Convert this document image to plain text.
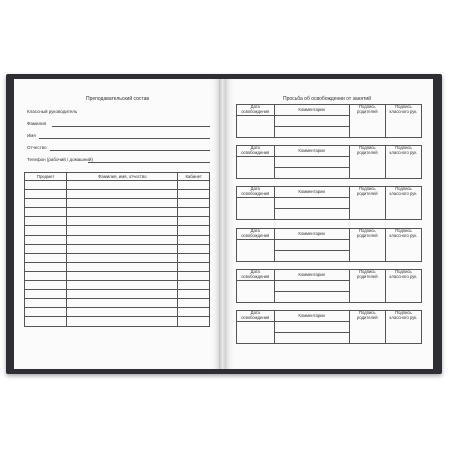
Преподавательский состав
Классный руководитель
Фамилия
Имя
Отчество
Телефон (рабочий / домашний)
Предмет	Фамилия, имя, отчество	Кабинет

Просьба об освобождении от занятий
Дата освобождения	Комментарии	Подпись родителей	Подпись классного рук.

Дата освобождения	Комментарии	Подпись родителей	Подпись классного рук.

Дата освобождения	Комментарии	Подпись родителей	Подпись классного рук.

Дата освобождения	Комментарии	Подпись родителей	Подпись классного рук.

Дата освобождения	Комментарии	Подпись родителей	Подпись классного рук.

Дата освобождения	Комментарии	Подпись родителей	Подпись классного рук.
